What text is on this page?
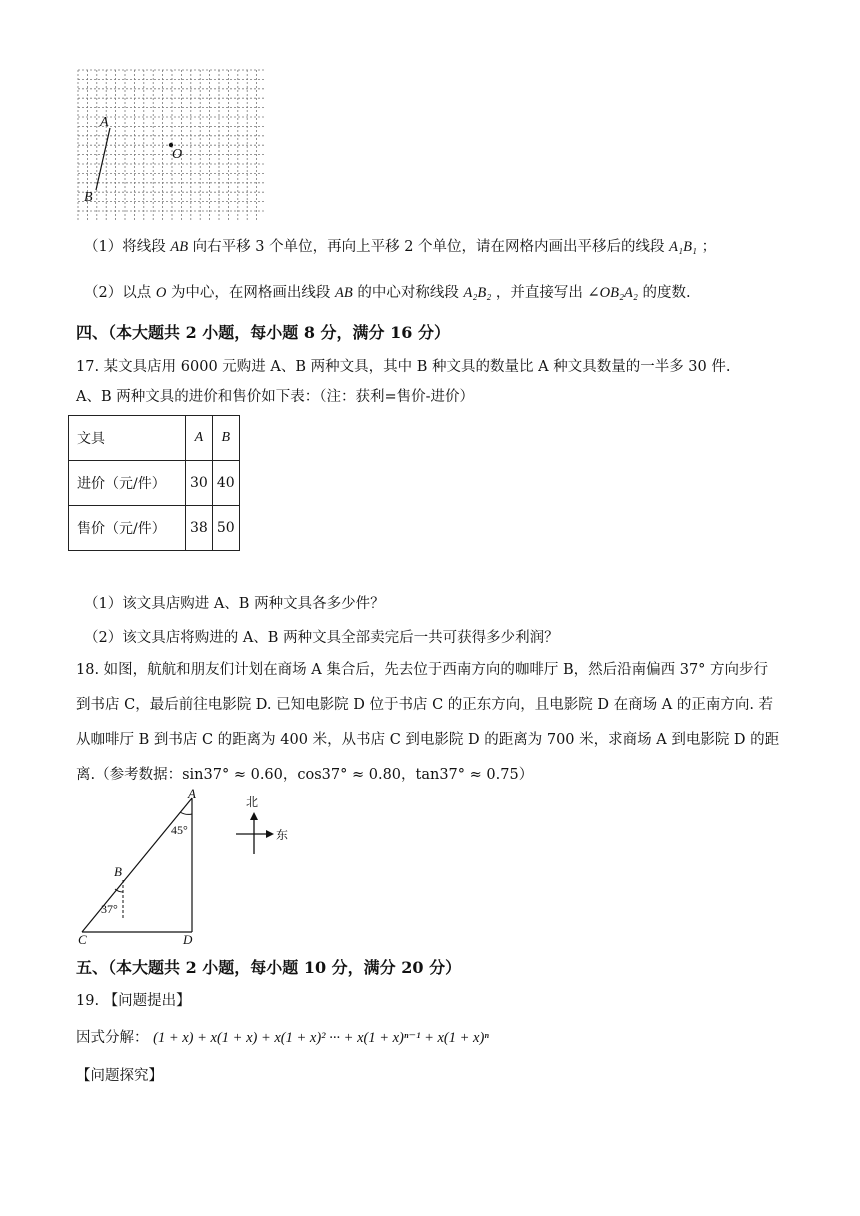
A
B
O
（1）将线段 AB 向右平移 3 个单位，再向上平移 2 个单位，请在网格内画出平移后的线段 A₁B₁ ；
（2）以点 O 为中心，在网格画出线段 AB 的中心对称线段 A₂B₂ ，并直接写出 ∠OB₂A₂ 的度数.
四、（本大题共 2 小题，每小题 8 分，满分 16 分）
17. 某文具店用 6000 元购进 A、B 两种文具，其中 B 种文具的数量比 A 种文具数量的一半多 30 件.
A、B 两种文具的进价和售价如下表：（注：获利=售价-进价）
文具	A	B
进价（元/件）	30	40
售价（元/件）	38	50
（1）该文具店购进 A、B 两种文具各多少件？
（2）该文具店将购进的 A、B 两种文具全部卖完后一共可获得多少利润？
18. 如图，航航和朋友们计划在商场 A 集合后，先去位于西南方向的咖啡厅 B，然后沿南偏西 37° 方向步行
到书店 C，最后前往电影院 D. 已知电影院 D 位于书店 C 的正东方向，且电影院 D 在商场 A 的正南方向. 若
从咖啡厅 B 到书店 C 的距离为 400 米，从书店 C 到电影院 D 的距离为 700 米，求商场 A 到电影院 D 的距
离.（参考数据：sin37° ≈ 0.60，cos37° ≈ 0.80，tan37° ≈ 0.75）
A
B
C	D
45°
37°
北
东
五、（本大题共 2 小题，每小题 10 分，满分 20 分）
19. 【问题提出】
因式分解： (1 + x) + x(1 + x) + x(1 + x)² ··· + x(1 + x)ⁿ⁻¹ + x(1 + x)ⁿ
【问题探究】
